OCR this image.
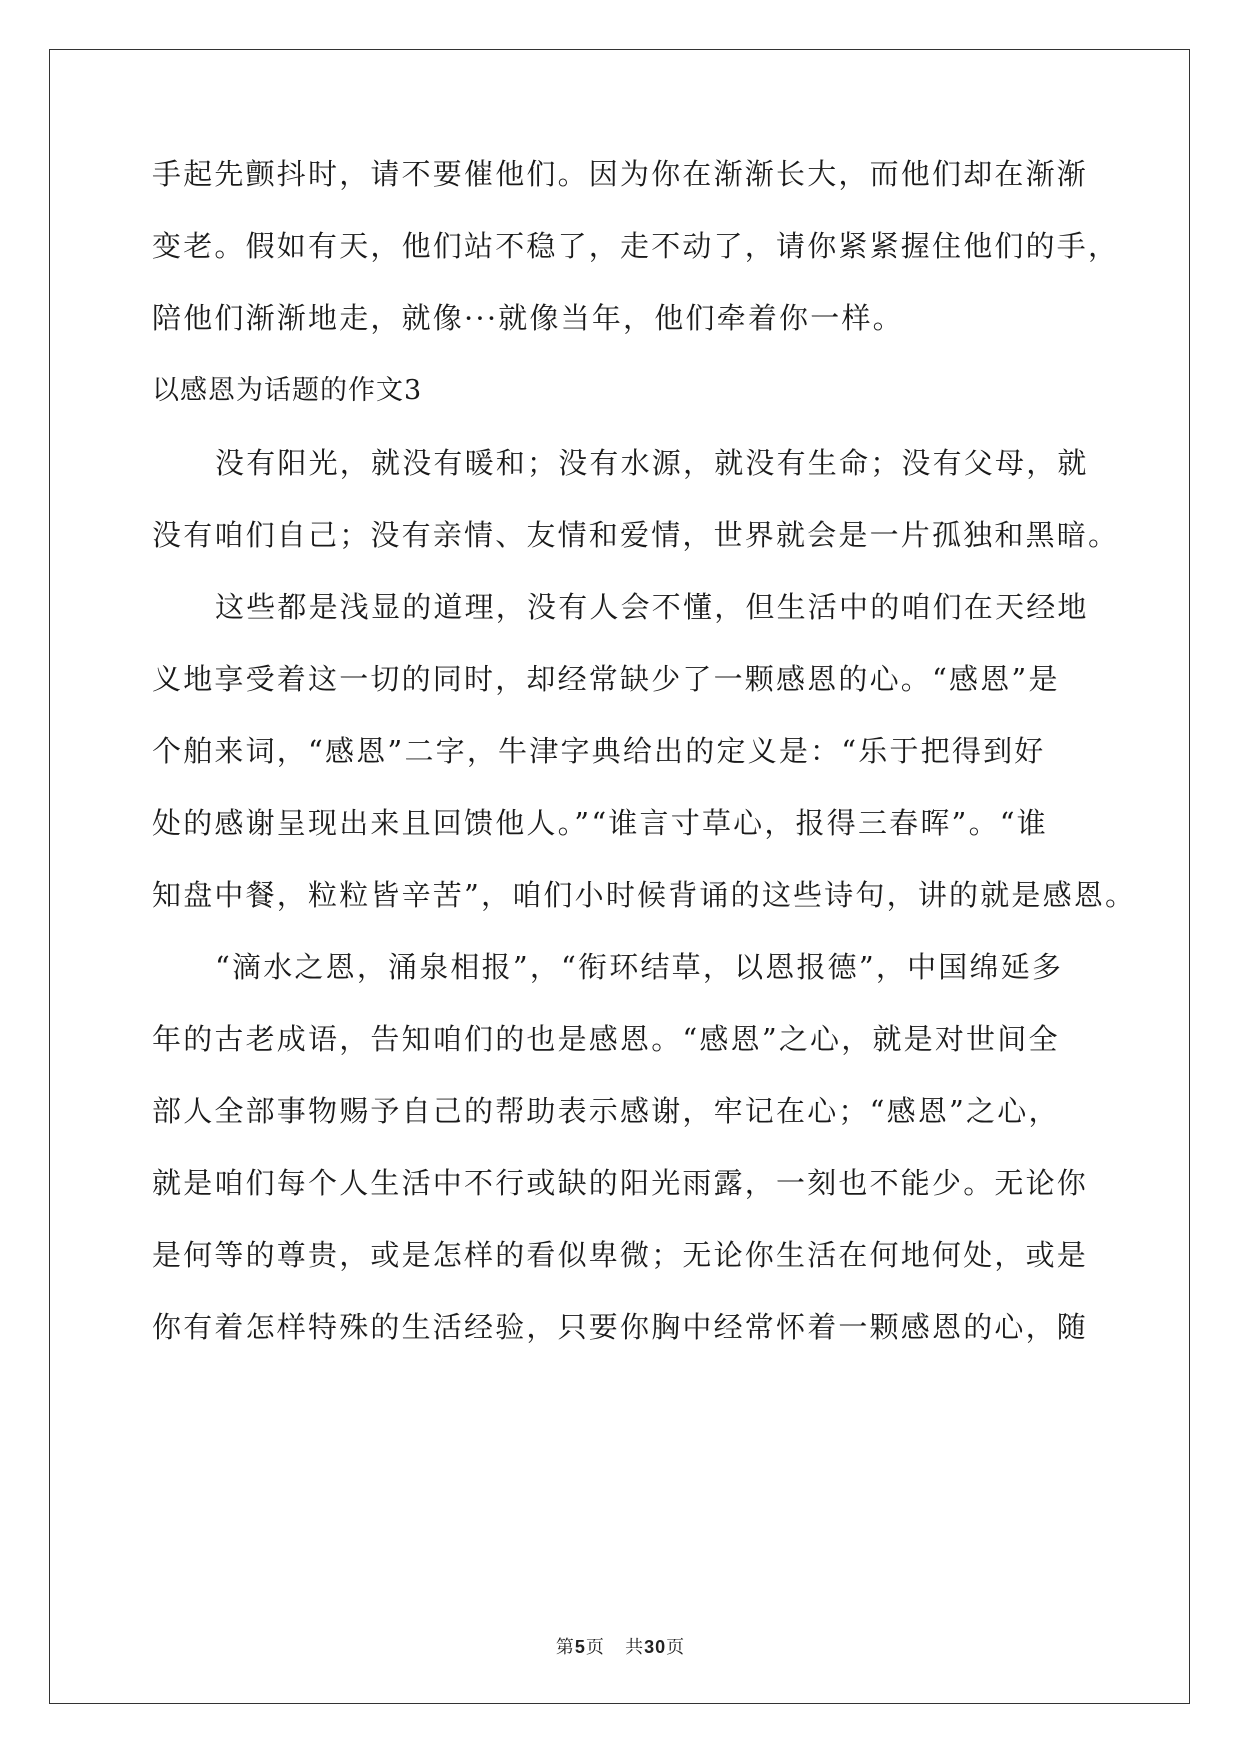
手起先颤抖时，请不要催他们。因为你在渐渐长大，而他们却在渐渐
变老。假如有天，他们站不稳了，走不动了，请你紧紧握住他们的手，
陪他们渐渐地走，就像···就像当年，他们牵着你一样。
以感恩为话题的作文3
没有阳光，就没有暖和；没有水源，就没有生命；没有父母，就
没有咱们自己；没有亲情、友情和爱情，世界就会是一片孤独和黑暗。
这些都是浅显的道理，没有人会不懂，但生活中的咱们在天经地
义地享受着这一切的同时，却经常缺少了一颗感恩的心。“感恩”是
个舶来词，“感恩”二字，牛津字典给出的定义是：“乐于把得到好
处的感谢呈现出来且回馈他人。”“谁言寸草心，报得三春晖”。“谁
知盘中餐，粒粒皆辛苦”，咱们小时候背诵的这些诗句，讲的就是感恩。
“滴水之恩，涌泉相报”，“衔环结草，以恩报德”，中国绵延多
年的古老成语，告知咱们的也是感恩。“感恩”之心，就是对世间全
部人全部事物赐予自己的帮助表示感谢，牢记在心；“感恩”之心，
就是咱们每个人生活中不行或缺的阳光雨露，一刻也不能少。无论你
是何等的尊贵，或是怎样的看似卑微；无论你生活在何地何处，或是
你有着怎样特殊的生活经验，只要你胸中经常怀着一颗感恩的心，随
第5页   共30页
